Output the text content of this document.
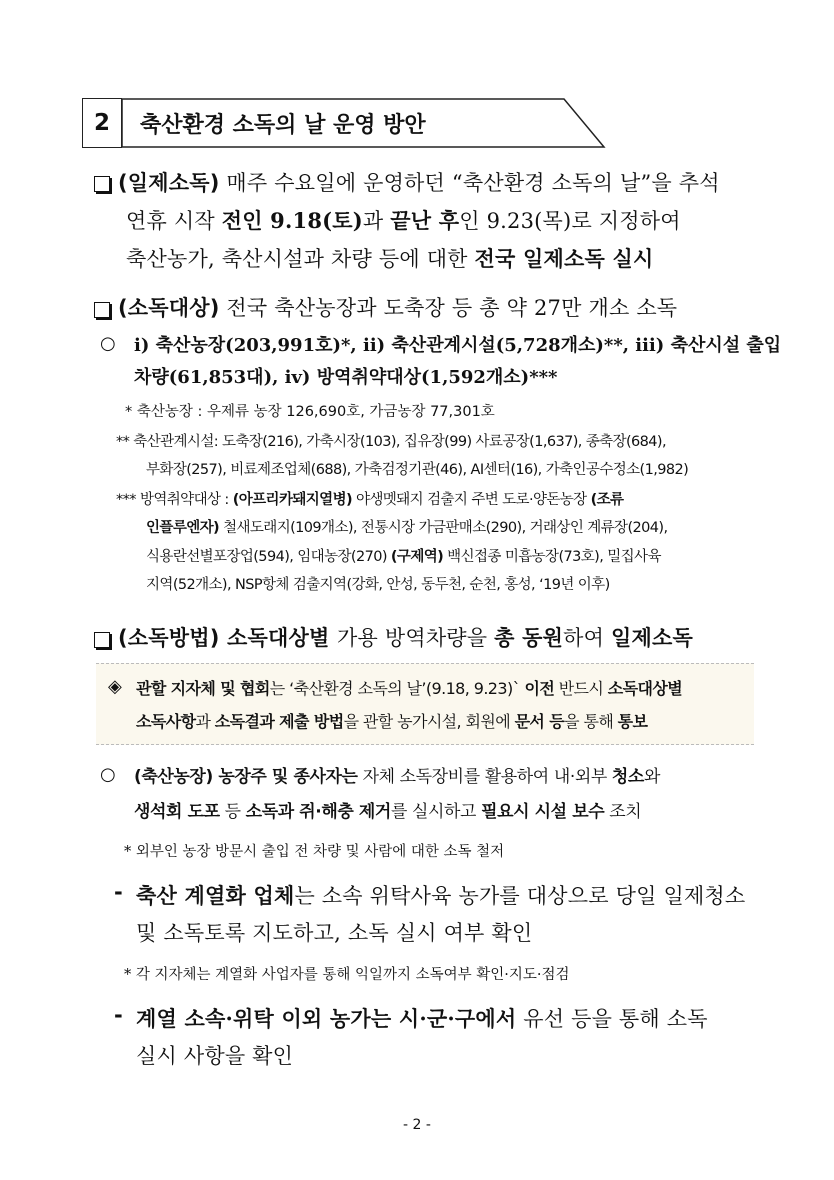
2	축산환경 소독의 날 운영 방안
(일제소독) 매주 수요일에 운영하던 “축산환경 소독의 날”을 추석
연휴 시작 전인 9.18(토)과 끝난 후인 9.23(목)로 지정하여
축산농가, 축산시설과 차량 등에 대한 전국 일제소독 실시
(소독대상) 전국 축산농장과 도축장 등 총 약 27만 개소 소독
○ ⅰ) 축산농장(203,991호)*, ⅱ) 축산관계시설(5,728개소)**, ⅲ) 축산시설 출입
차량(61,853대), ⅳ) 방역취약대상(1,592개소)***
* 축산농장 : 우제류 농장 126,690호, 가금농장 77,301호
** 축산관계시설: 도축장(216), 가축시장(103), 집유장(99) 사료공장(1,637), 종축장(684),
부화장(257), 비료제조업체(688), 가축검정기관(46), AI센터(16), 가축인공수정소(1,982)
*** 방역취약대상 : (아프리카돼지열병) 야생멧돼지 검출지 주변 도로·양돈농장 (조류
인플루엔자) 철새도래지(109개소), 전통시장 가금판매소(290), 거래상인 계류장(204),
식용란선별포장업(594), 임대농장(270) (구제역) 백신접종 미흡농장(73호), 밀집사육
지역(52개소), NSP항체 검출지역(강화, 안성, 동두천, 순천, 홍성, ‘19년 이후)
(소독방법) 소독대상별 가용 방역차량을 총 동원하여 일제소독
◈ 관할 지자체 및 협회는 ‘축산환경 소독의 날’(9.18, 9.23)` 이전 반드시 소독대상별
소독사항과 소독결과 제출 방법을 관할 농가시설, 회원에 문서 등을 통해 통보
○ (축산농장) 농장주 및 종사자는 자체 소독장비를 활용하여 내·외부 청소와
생석회 도포 등 소독과 쥐·해충 제거를 실시하고 필요시 시설 보수 조치
* 외부인 농장 방문시 출입 전 차량 및 사람에 대한 소독 철저
- 축산 계열화 업체는 소속 위탁사육 농가를 대상으로 당일 일제청소
및 소독토록 지도하고, 소독 실시 여부 확인
* 각 지자체는 계열화 사업자를 통해 익일까지 소독여부 확인·지도·점검
- 계열 소속·위탁 이외 농가는 시·군·구에서 유선 등을 통해 소독
실시 사항을 확인
- 2 -
